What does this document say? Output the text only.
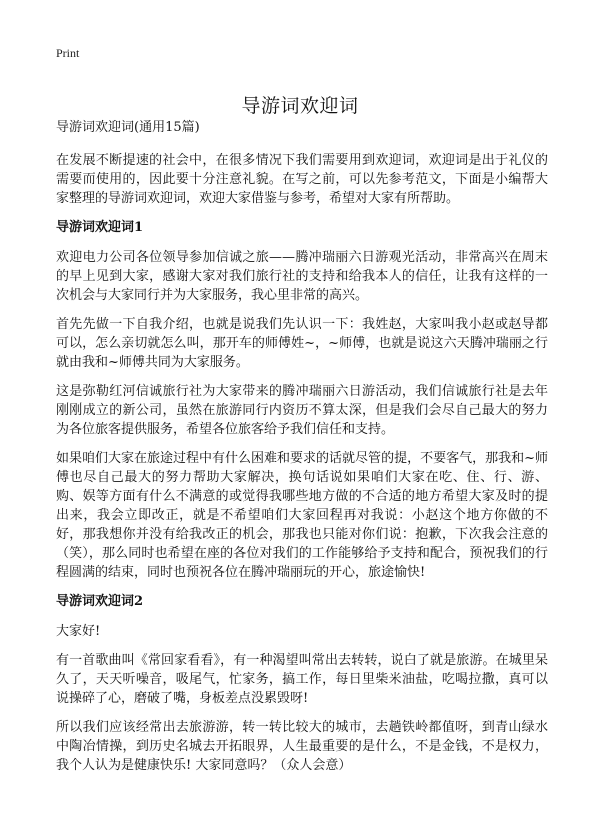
Print
导游词欢迎词

导游词欢迎词(通用15篇)

在发展不断提速的社会中，在很多情况下我们需要用到欢迎词，欢迎词是出于礼仪的需要而使用的，因此要十分注意礼貌。在写之前，可以先参考范文，下面是小编帮大家整理的导游词欢迎词，欢迎大家借鉴与参考，希望对大家有所帮助。

导游词欢迎词1

欢迎电力公司各位领导参加信诚之旅——腾冲瑞丽六日游观光活动，非常高兴在周末的早上见到大家，感谢大家对我们旅行社的支持和给我本人的信任，让我有这样的一次机会与大家同行并为大家服务，我心里非常的高兴。

首先先做一下自我介绍，也就是说我们先认识一下：我姓赵，大家叫我小赵或赵导都可以，怎么亲切就怎么叫，那开车的师傅姓~，~师傅，也就是说这六天腾冲瑞丽之行就由我和~师傅共同为大家服务。

这是弥勒红河信诚旅行社为大家带来的腾冲瑞丽六日游活动，我们信诚旅行社是去年刚刚成立的新公司，虽然在旅游同行内资历不算太深，但是我们会尽自己最大的努力为各位旅客提供服务，希望各位旅客给予我们信任和支持。

如果咱们大家在旅途过程中有什么困难和要求的话就尽管的提，不要客气，那我和~师傅也尽自己最大的努力帮助大家解决，换句话说如果咱们大家在吃、住、行、游、购、娱等方面有什么不满意的或觉得我哪些地方做的不合适的地方希望大家及时的提出来，我会立即改正，就是不希望咱们大家回程再对我说：小赵这个地方你做的不好，那我想你并没有给我改正的机会，那我也只能对你们说：抱歉，下次我会注意的（笑），那么同时也希望在座的各位对我们的工作能够给予支持和配合，预祝我们的行程圆满的结束，同时也预祝各位在腾冲瑞丽玩的开心，旅途愉快!

导游词欢迎词2

大家好!

有一首歌曲叫《常回家看看》，有一种渴望叫常出去转转，说白了就是旅游。在城里呆久了，天天听噪音，吸尾气，忙家务，搞工作，每日里柴米油盐，吃喝拉撒，真可以说操碎了心，磨破了嘴，身板差点没累毁呀!

所以我们应该经常出去旅游游，转一转比较大的城市，去趟铁岭都值呀，到青山绿水中陶冶情操，到历史名城去开拓眼界，人生最重要的是什么，不是金钱，不是权力，我个人认为是健康快乐! 大家同意吗？（众人会意）
